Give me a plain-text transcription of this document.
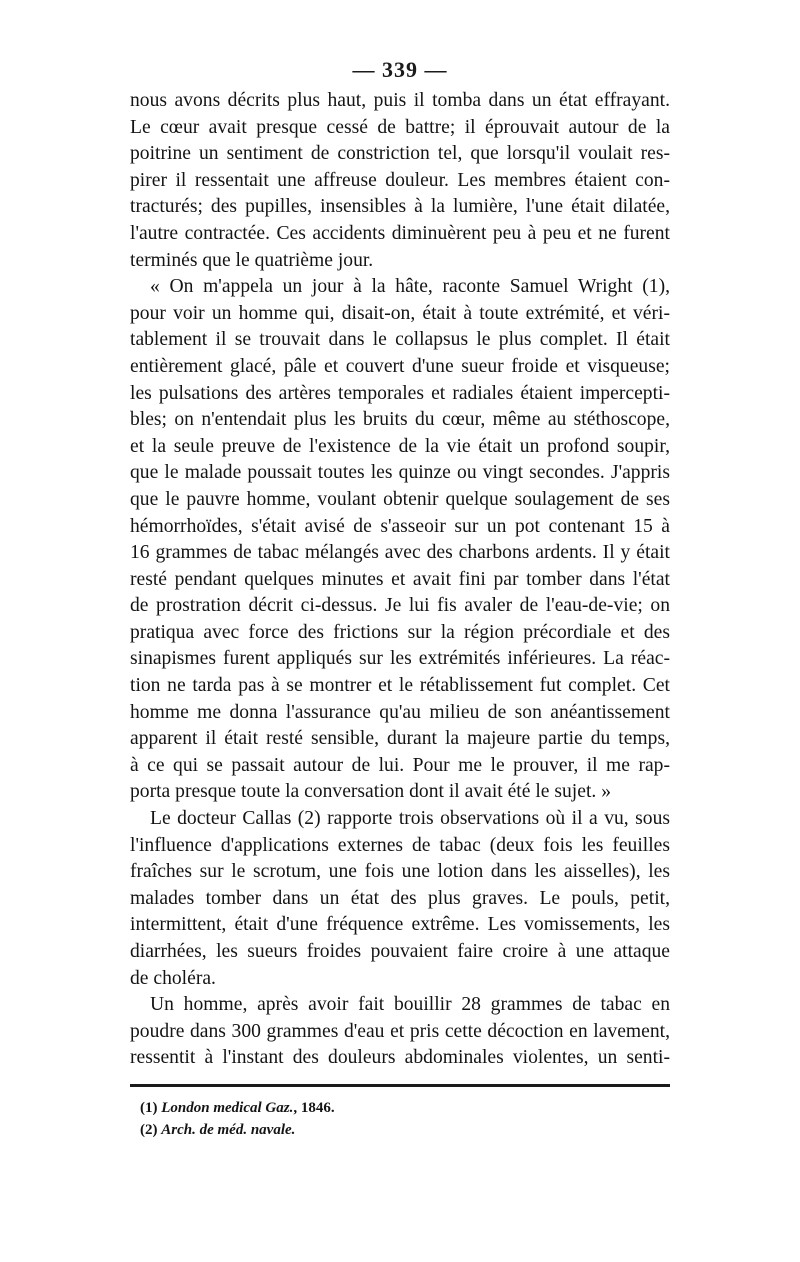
— 339 —
nous avons décrits plus haut, puis il tomba dans un état effrayant.
Le cœur avait presque cessé de battre; il éprouvait autour de la
poitrine un sentiment de constriction tel, que lorsqu'il voulait res-
pirer il ressentait une affreuse douleur. Les membres étaient con-
tracturés; des pupilles, insensibles à la lumière, l'une était dilatée,
l'autre contractée. Ces accidents diminuèrent peu à peu et ne furent
terminés que le quatrième jour.
« On m'appela un jour à la hâte, raconte Samuel Wright (1),
pour voir un homme qui, disait-on, était à toute extrémité, et véri-
tablement il se trouvait dans le collapsus le plus complet. Il était
entièrement glacé, pâle et couvert d'une sueur froide et visqueuse;
les pulsations des artères temporales et radiales étaient impercepti-
bles; on n'entendait plus les bruits du cœur, même au stéthoscope,
et la seule preuve de l'existence de la vie était un profond soupir,
que le malade poussait toutes les quinze ou vingt secondes. J'appris
que le pauvre homme, voulant obtenir quelque soulagement de ses
hémorrhoïdes, s'était avisé de s'asseoir sur un pot contenant 15 à
16 grammes de tabac mélangés avec des charbons ardents. Il y était
resté pendant quelques minutes et avait fini par tomber dans l'état
de prostration décrit ci-dessus. Je lui fis avaler de l'eau-de-vie; on
pratiqua avec force des frictions sur la région précordiale et des
sinapismes furent appliqués sur les extrémités inférieures. La réac-
tion ne tarda pas à se montrer et le rétablissement fut complet. Cet
homme me donna l'assurance qu'au milieu de son anéantissement
apparent il était resté sensible, durant la majeure partie du temps,
à ce qui se passait autour de lui. Pour me le prouver, il me rap-
porta presque toute la conversation dont il avait été le sujet. »
Le docteur Callas (2) rapporte trois observations où il a vu, sous
l'influence d'applications externes de tabac (deux fois les feuilles
fraîches sur le scrotum, une fois une lotion dans les aisselles), les
malades tomber dans un état des plus graves. Le pouls, petit,
intermittent, était d'une fréquence extrême. Les vomissements, les
diarrhées, les sueurs froides pouvaient faire croire à une attaque
de choléra.
Un homme, après avoir fait bouillir 28 grammes de tabac en
poudre dans 300 grammes d'eau et pris cette décoction en lavement,
ressentit à l'instant des douleurs abdominales violentes, un senti-
(1) London medical Gaz., 1846.
(2) Arch. de méd. navale.
